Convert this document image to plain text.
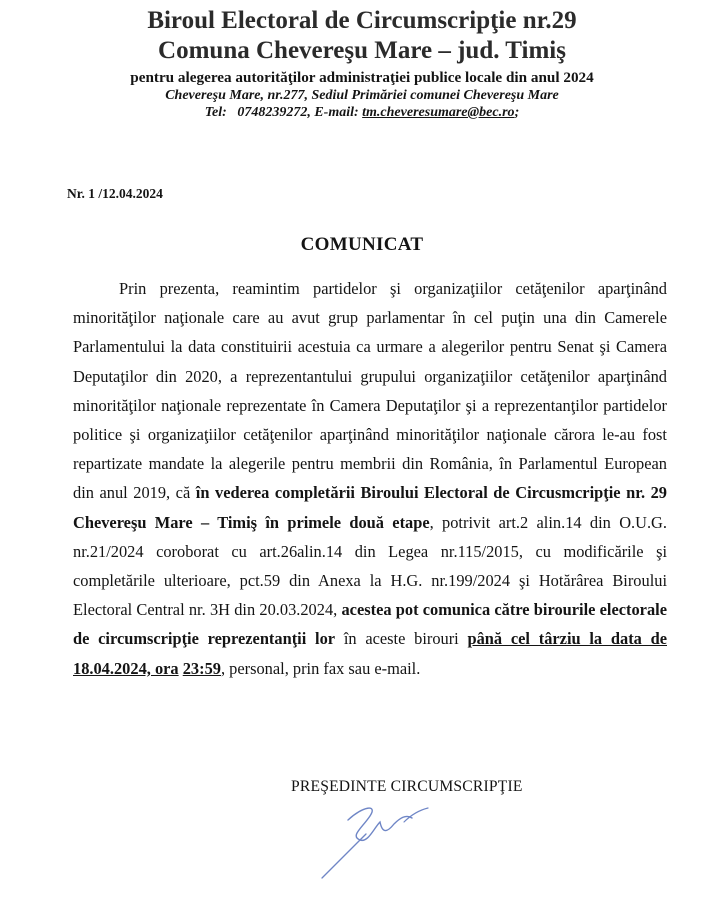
Biroul Electoral de Circumscripţie nr.29
Comuna Chevereşu Mare – jud. Timiş
pentru alegerea autorităţilor administraţiei publice locale din anul 2024
Chevereşu Mare, nr.277, Sediul Primăriei comunei Chevereşu Mare
Tel: 0748239272, E-mail: tm.cheveresumare@bec.ro;
Nr. 1 /12.04.2024
COMUNICAT
Prin prezenta, reamintim partidelor şi organizaţiilor cetăţenilor aparţinând minorităţilor naţionale care au avut grup parlamentar în cel puţin una din Camerele Parlamentului la data constituirii acestuia ca urmare a alegerilor pentru Senat şi Camera Deputaţilor din 2020, a reprezentantului grupului organizaţiilor cetăţenilor aparţinând minorităţilor naţionale reprezentate în Camera Deputaţilor şi a reprezentanţilor partidelor politice şi organizaţiilor cetăţenilor aparţinând minorităţilor naţionale cărora le-au fost repartizate mandate la alegerile pentru membrii din România, în Parlamentul European din anul 2019, că în vederea completării Biroului Electoral de Circusmcripţie nr. 29 Chevereşu Mare – Timiş în primele două etape, potrivit art.2 alin.14 din O.U.G. nr.21/2024 coroborat cu art.26alin.14 din Legea nr.115/2015, cu modificările şi completările ulterioare, pct.59 din Anexa la H.G. nr.199/2024 şi Hotărârea Biroului Electoral Central nr. 3H din 20.03.2024, acestea pot comunica către birourile electorale de circumscripţie reprezentanţii lor în aceste birouri până cel târziu la data de 18.04.2024, ora 23:59, personal, prin fax sau e-mail.
PREŞEDINTE CIRCUMSCRIPŢIE
